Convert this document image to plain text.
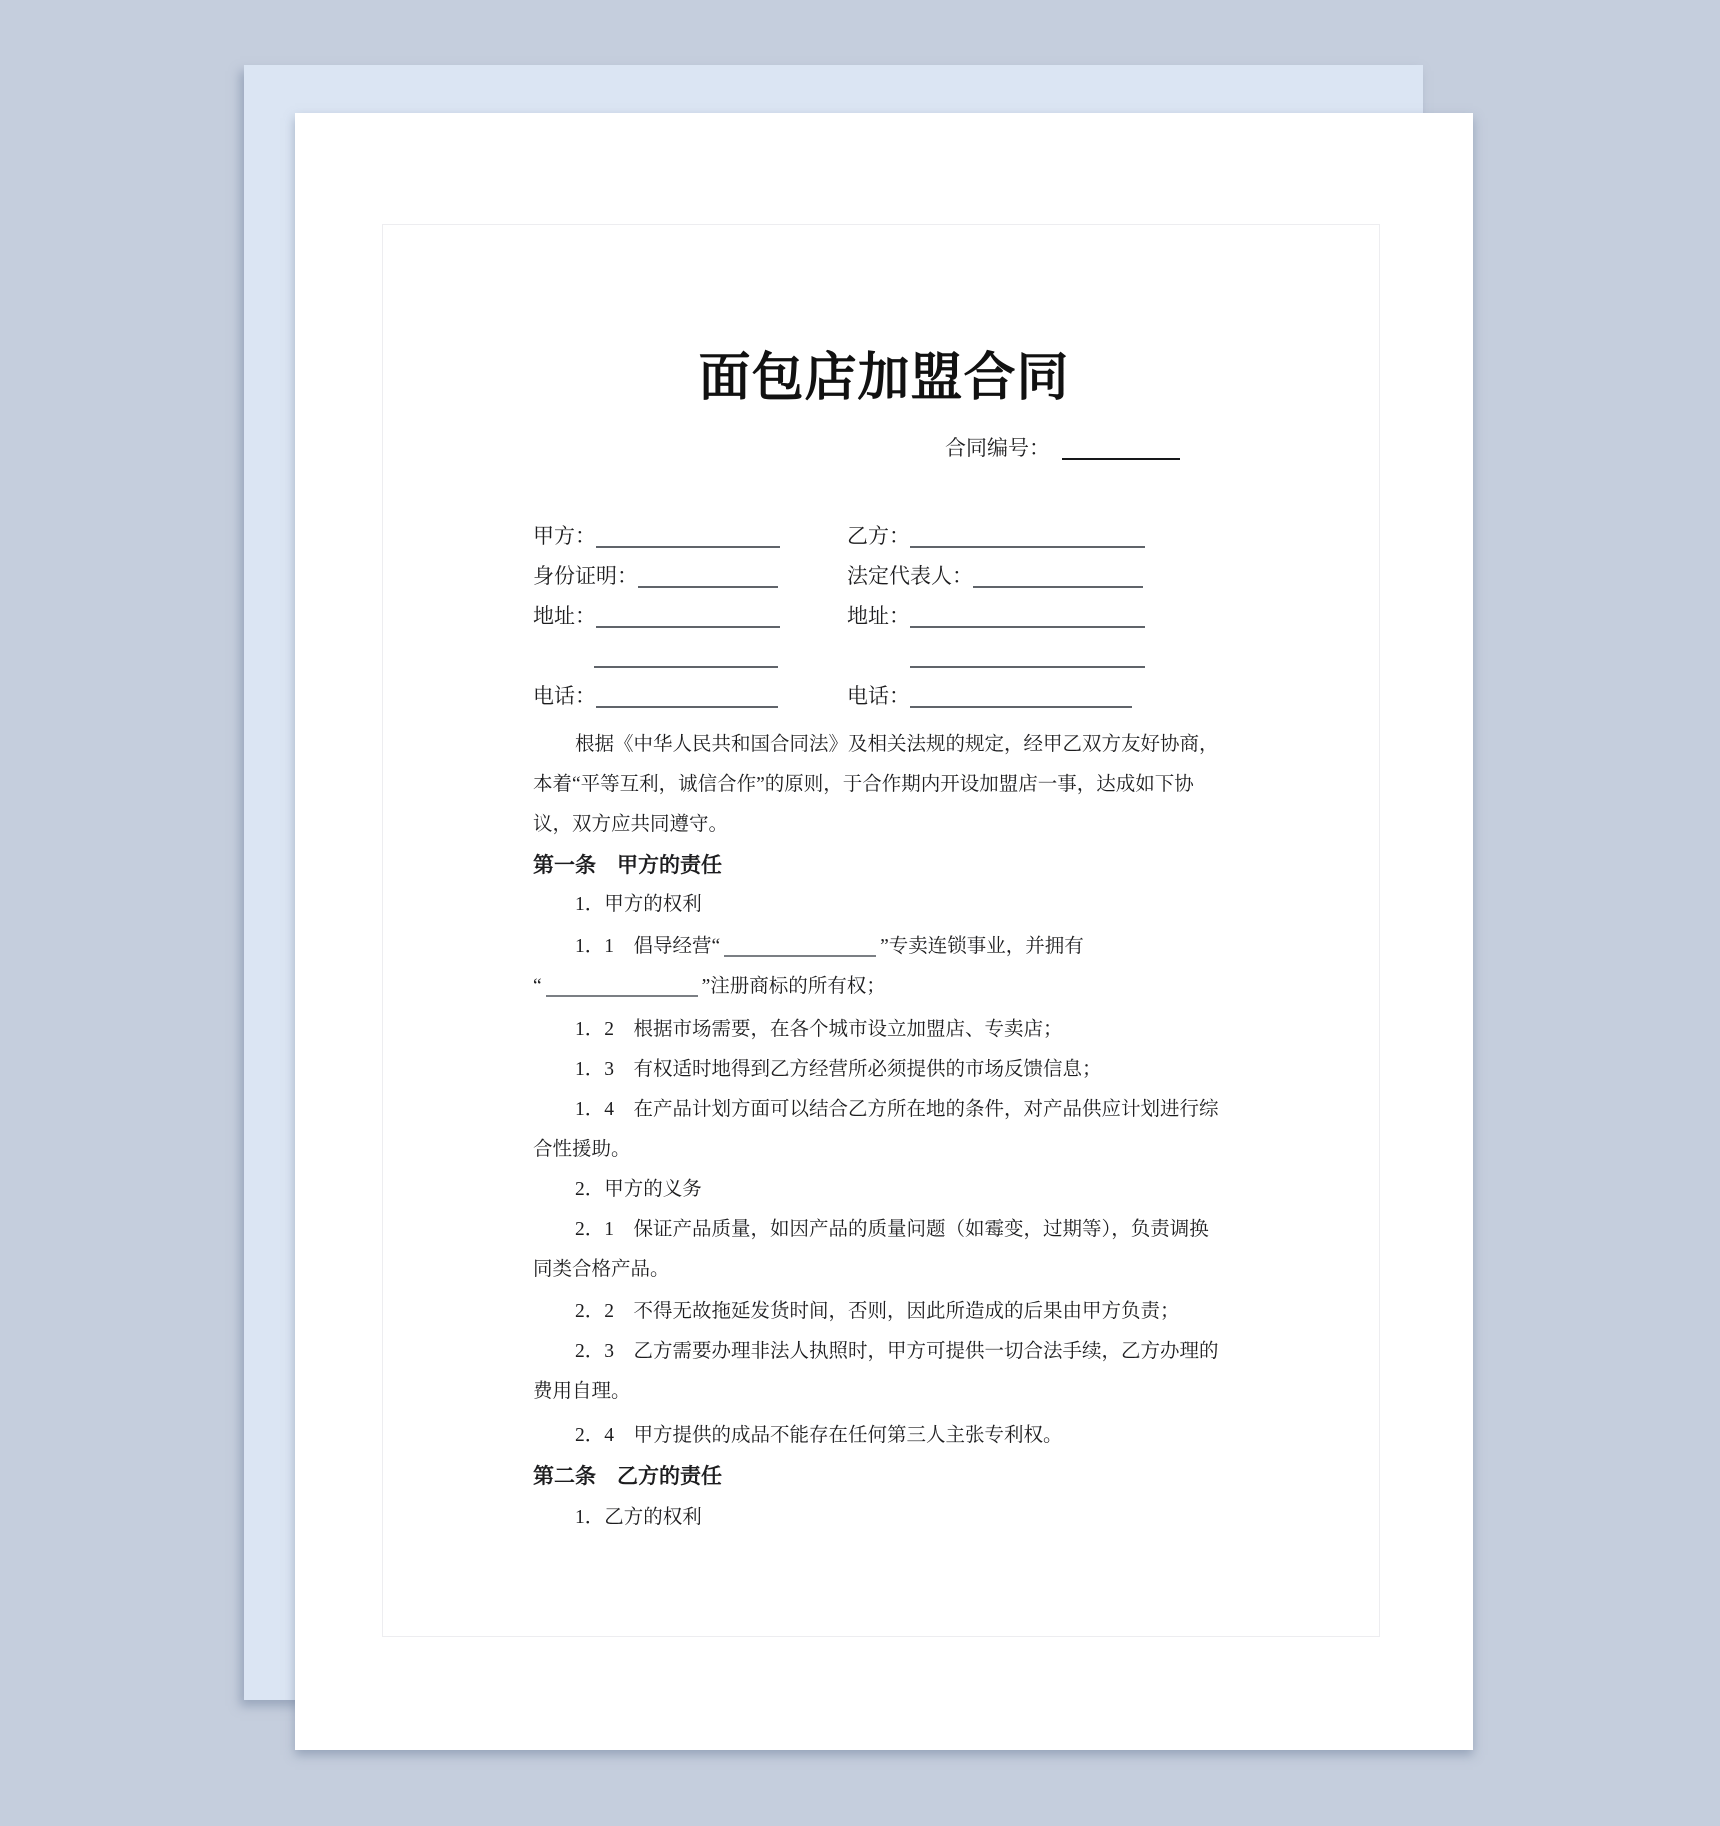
面包店加盟合同
合同编号：
甲方：	乙方：
身份证明：	法定代表人：
地址：	地址：
电话：	电话：
根据《中华人民共和国合同法》及相关法规的规定，经甲乙双方友好协商，
本着“平等互利，诚信合作”的原则，于合作期内开设加盟店一事，达成如下协
议，双方应共同遵守。
第一条　甲方的责任
1．甲方的权利
1．1　倡导经营“	”专卖连锁事业，并拥有
“	”注册商标的所有权；
1．2　根据市场需要，在各个城市设立加盟店、专卖店；
1．3　有权适时地得到乙方经营所必须提供的市场反馈信息；
1．4　在产品计划方面可以结合乙方所在地的条件，对产品供应计划进行综
合性援助。
2．甲方的义务
2．1　保证产品质量，如因产品的质量问题（如霉变，过期等），负责调换
同类合格产品。
2．2　不得无故拖延发货时间，否则，因此所造成的后果由甲方负责；
2．3　乙方需要办理非法人执照时，甲方可提供一切合法手续，乙方办理的
费用自理。
2．4　甲方提供的成品不能存在任何第三人主张专利权。
第二条　乙方的责任
1．乙方的权利
